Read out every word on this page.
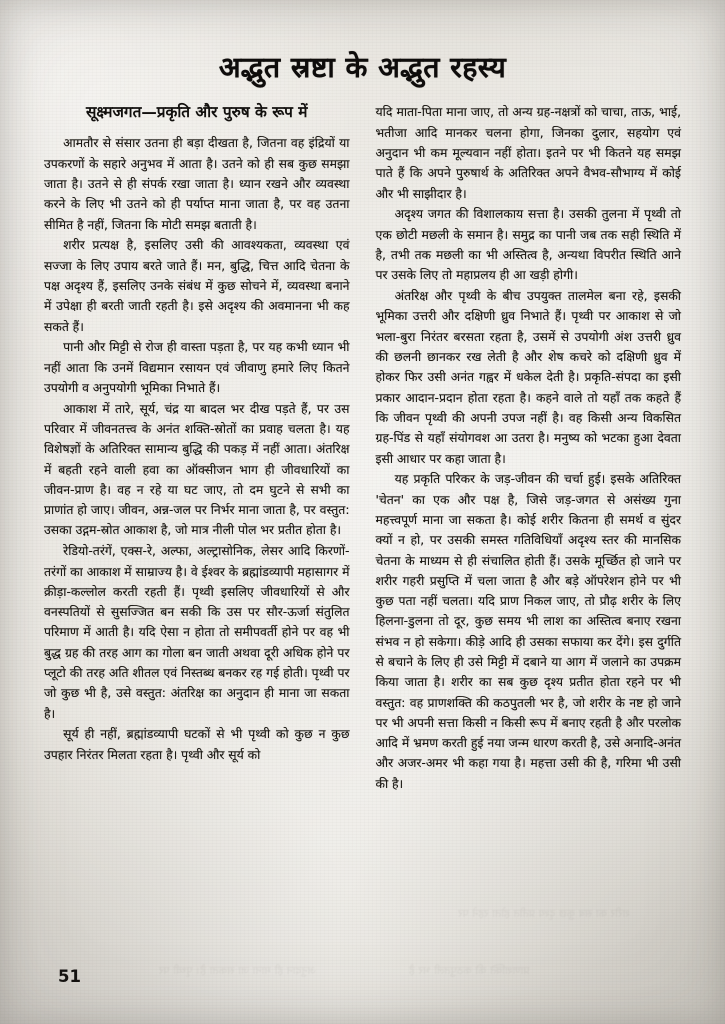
अद्भुत स्रष्टा के अद्भुत रहस्य
सूक्ष्मजगत—प्रकृति और पुरुष के रूप में

आमतौर से संसार उतना ही बड़ा दीखता है, जितना वह इंद्रियों या उपकरणों के सहारे अनुभव में आता है। उतने को ही सब कुछ समझा जाता है। उतने से ही संपर्क रखा जाता है। ध्यान रखने और व्यवस्था करने के लिए भी उतने को ही पर्याप्त माना जाता है, पर वह उतना सीमित है नहीं, जितना कि मोटी समझ बताती है।

शरीर प्रत्यक्ष है, इसलिए उसी की आवश्यकता, व्यवस्था एवं सज्जा के लिए उपाय बरते जाते हैं। मन, बुद्धि, चित्त आदि चेतना के पक्ष अदृश्य हैं, इसलिए उनके संबंध में कुछ सोचने में, व्यवस्था बनाने में उपेक्षा ही बरती जाती रहती है। इसे अदृश्य की अवमानना भी कह सकते हैं।

पानी और मिट्टी से रोज ही वास्ता पड़ता है, पर यह कभी ध्यान भी नहीं आता कि उनमें विद्यमान रसायन एवं जीवाणु हमारे लिए कितने उपयोगी व अनुपयोगी भूमिका निभाते हैं।

आकाश में तारे, सूर्य, चंद्र या बादल भर दीख पड़ते हैं, पर उस परिवार में जीवनतत्त्व के अनंत शक्ति-स्रोतों का प्रवाह चलता है। यह विशेषज्ञों के अतिरिक्त सामान्य बुद्धि की पकड़ में नहीं आता। अंतरिक्ष में बहती रहने वाली हवा का ऑक्सीजन भाग ही जीवधारियों का जीवन-प्राण है। वह न रहे या घट जाए, तो दम घुटने से सभी का प्राणांत हो जाए। जीवन, अन्न-जल पर निर्भर माना जाता है, पर वस्तुत: उसका उद्गम-स्रोत आकाश है, जो मात्र नीली पोल भर प्रतीत होता है।

रेडियो-तरंगें, एक्स-रे, अल्फा, अल्ट्रासोनिक, लेसर आदि किरणों-तरंगों का आकाश में साम्राज्य है। वे ईश्वर के ब्रह्मांडव्यापी महासागर में क्रीड़ा-कल्लोल करती रहती हैं। पृथ्वी इसलिए जीवधारियों से और वनस्पतियों से सुसज्जित बन सकी कि उस पर सौर-ऊर्जा संतुलित परिमाण में आती है। यदि ऐसा न होता तो समीपवर्ती होने पर वह भी बुद्ध ग्रह की तरह आग का गोला बन जाती अथवा दूरी अधिक होने पर प्लूटो की तरह अति शीतल एवं निस्तब्ध बनकर रह गई होती। पृथ्वी पर जो कुछ भी है, उसे वस्तुत: अंतरिक्ष का अनुदान ही माना जा सकता है।

सूर्य ही नहीं, ब्रह्मांडव्यापी घटकों से भी पृथ्वी को कुछ न कुछ उपहार निरंतर मिलता रहता है। पृथ्वी और सूर्य को

यदि माता-पिता माना जाए, तो अन्य ग्रह-नक्षत्रों को चाचा, ताऊ, भाई, भतीजा आदि मानकर चलना होगा, जिनका दुलार, सहयोग एवं अनुदान भी कम मूल्यवान नहीं होता। इतने पर भी कितने यह समझ पाते हैं कि अपने पुरुषार्थ के अतिरिक्त अपने वैभव-सौभाग्य में कोई और भी साझीदार है।

अदृश्य जगत की विशालकाय सत्ता है। उसकी तुलना में पृथ्वी तो एक छोटी मछली के समान है। समुद्र का पानी जब तक सही स्थिति में है, तभी तक मछली का भी अस्तित्व है, अन्यथा विपरीत स्थिति आने पर उसके लिए तो महाप्रलय ही आ खड़ी होगी।

अंतरिक्ष और पृथ्वी के बीच उपयुक्त तालमेल बना रहे, इसकी भूमिका उत्तरी और दक्षिणी ध्रुव निभाते हैं। पृथ्वी पर आकाश से जो भला-बुरा निरंतर बरसता रहता है, उसमें से उपयोगी अंश उत्तरी ध्रुव की छलनी छानकर रख लेती है और शेष कचरे को दक्षिणी ध्रुव में होकर फिर उसी अनंत गह्वर में धकेल देती है। प्रकृति-संपदा का इसी प्रकार आदान-प्रदान होता रहता है। कहने वाले तो यहाँ तक कहते हैं कि जीवन पृथ्वी की अपनी उपज नहीं है। वह किसी अन्य विकसित ग्रह-पिंड से यहाँ संयोगवश आ उतरा है। मनुष्य को भटका हुआ देवता इसी आधार पर कहा जाता है।

यह प्रकृति परिकर के जड़-जीवन की चर्चा हुई। इसके अतिरिक्त 'चेतन' का एक और पक्ष है, जिसे जड़-जगत से असंख्य गुना महत्त्वपूर्ण माना जा सकता है। कोई शरीर कितना ही समर्थ व सुंदर क्यों न हो, पर उसकी समस्त गतिविधियाँ अदृश्य स्तर की मानसिक चेतना के माध्यम से ही संचालित होती हैं। उसके मूर्च्छित हो जाने पर शरीर गहरी प्रसुप्ति में चला जाता है और बड़े ऑपरेशन होने पर भी कुछ पता नहीं चलता। यदि प्राण निकल जाए, तो प्रौढ़ शरीर के लिए हिलना-डुलना तो दूर, कुछ समय भी लाश का अस्तित्व बनाए रखना संभव न हो सकेगा। कीड़े आदि ही उसका सफाया कर देंगे। इस दुर्गति से बचाने के लिए ही उसे मिट्टी में दबाने या आग में जलाने का उपक्रम किया जाता है। शरीर का सब कुछ दृश्य प्रतीत होता रहने पर भी वस्तुत: वह प्राणशक्ति की कठपुतली भर है, जो शरीर के नष्ट हो जाने पर भी अपनी सत्ता किसी न किसी रूप में बनाए रहती है और परलोक आदि में भ्रमण करती हुई नया जन्म धारण करती है, उसे अनादि-अनंत और अजर-अमर भी कहा गया है। महत्ता उसी की है, गरिमा भी उसी की है।

अनुदान ही माना जा सकता है। पृथ्वी पर	प्राणशक्ति की कठपुतली भर है
शरीर का सब कुछ दृश्य प्रतीत होता रहने पर
51
